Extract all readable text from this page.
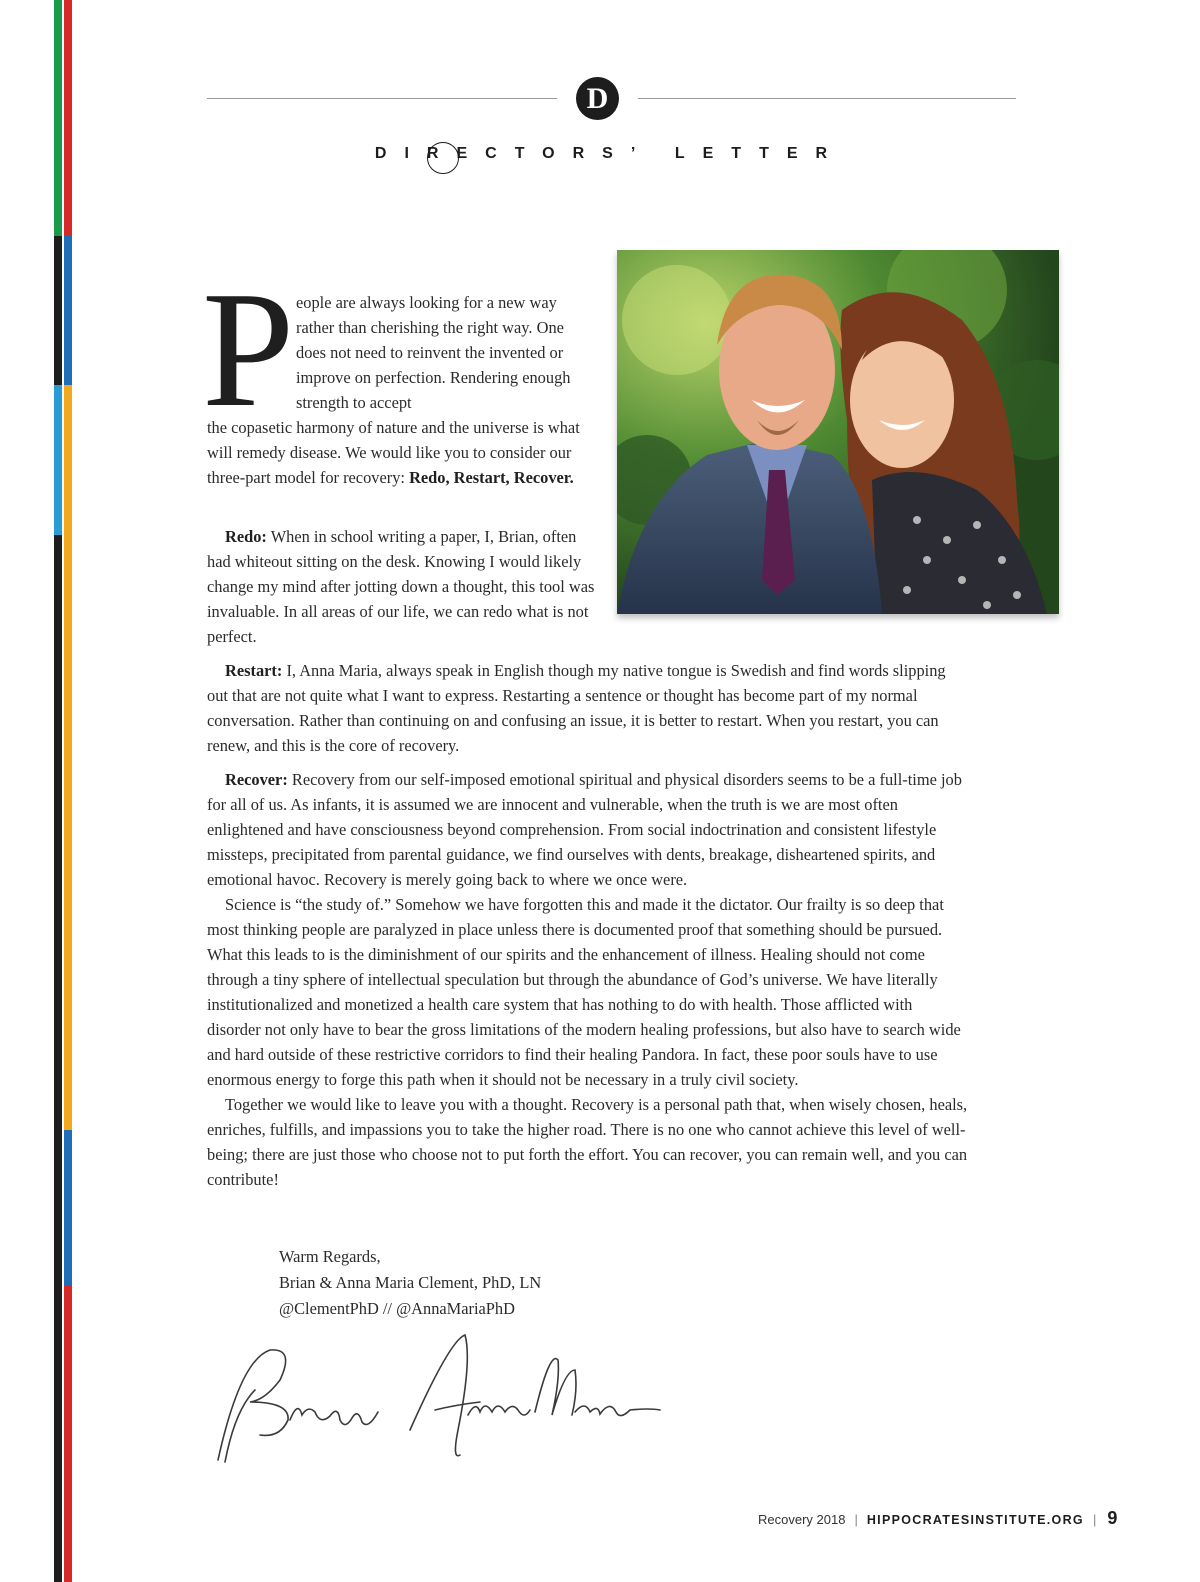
D
DIRECTORS’ LETTER
P eople are always looking for a new way rather than cherishing the right way. One does not need to reinvent the invented or improve on perfection. Rendering enough strength to accept

the copasetic harmony of nature and the universe is what will remedy disease. We would like you to consider our three-part model for recovery: Redo, Restart, Recover.

Redo: When in school writing a paper, I, Brian, often had whiteout sitting on the desk. Knowing I would likely change my mind after jotting down a thought, this tool was invaluable. In all areas of our life, we can redo what is not perfect.

Restart: I, Anna Maria, always speak in English though my native tongue is Swedish and find words slipping out that are not quite what I want to express. Restarting a sentence or thought has become part of my normal conversation. Rather than continuing on and confusing an issue, it is better to restart. When you restart, you can renew, and this is the core of recovery.

Recover: Recovery from our self-imposed emotional spiritual and physical disorders seems to be a full-time job for all of us. As infants, it is assumed we are innocent and vulnerable, when the truth is we are most often enlightened and have consciousness beyond comprehension. From social indoctrination and consistent lifestyle missteps, precipitated from parental guidance, we find ourselves with dents, breakage, disheartened spirits, and emotional havoc. Recovery is merely going back to where we once were.

Science is “the study of.” Somehow we have forgotten this and made it the dictator. Our frailty is so deep that most thinking people are paralyzed in place unless there is documented proof that something should be pursued. What this leads to is the diminishment of our spirits and the enhancement of illness. Healing should not come through a tiny sphere of intellectual speculation but through the abundance of God’s universe. We have literally institutionalized and monetized a health care system that has nothing to do with health. Those afflicted with disorder not only have to bear the gross limitations of the modern healing professions, but also have to search wide and hard outside of these restrictive corridors to find their healing Pandora. In fact, these poor souls have to use enormous energy to forge this path when it should not be necessary in a truly civil society.

Together we would like to leave you with a thought. Recovery is a personal path that, when wisely chosen, heals, enriches, fulfills, and impassions you to take the higher road. There is no one who cannot achieve this level of well-being; there are just those who choose not to put forth the effort. You can recover, you can remain well, and you can contribute!

Warm Regards,
Brian & Anna Maria Clement, PhD, LN
@ClementPhD // @AnnaMariaPhD
Brian Anna Maria
Recovery 2018 | HIPPOCRATESINSTITUTE.ORG | 9
